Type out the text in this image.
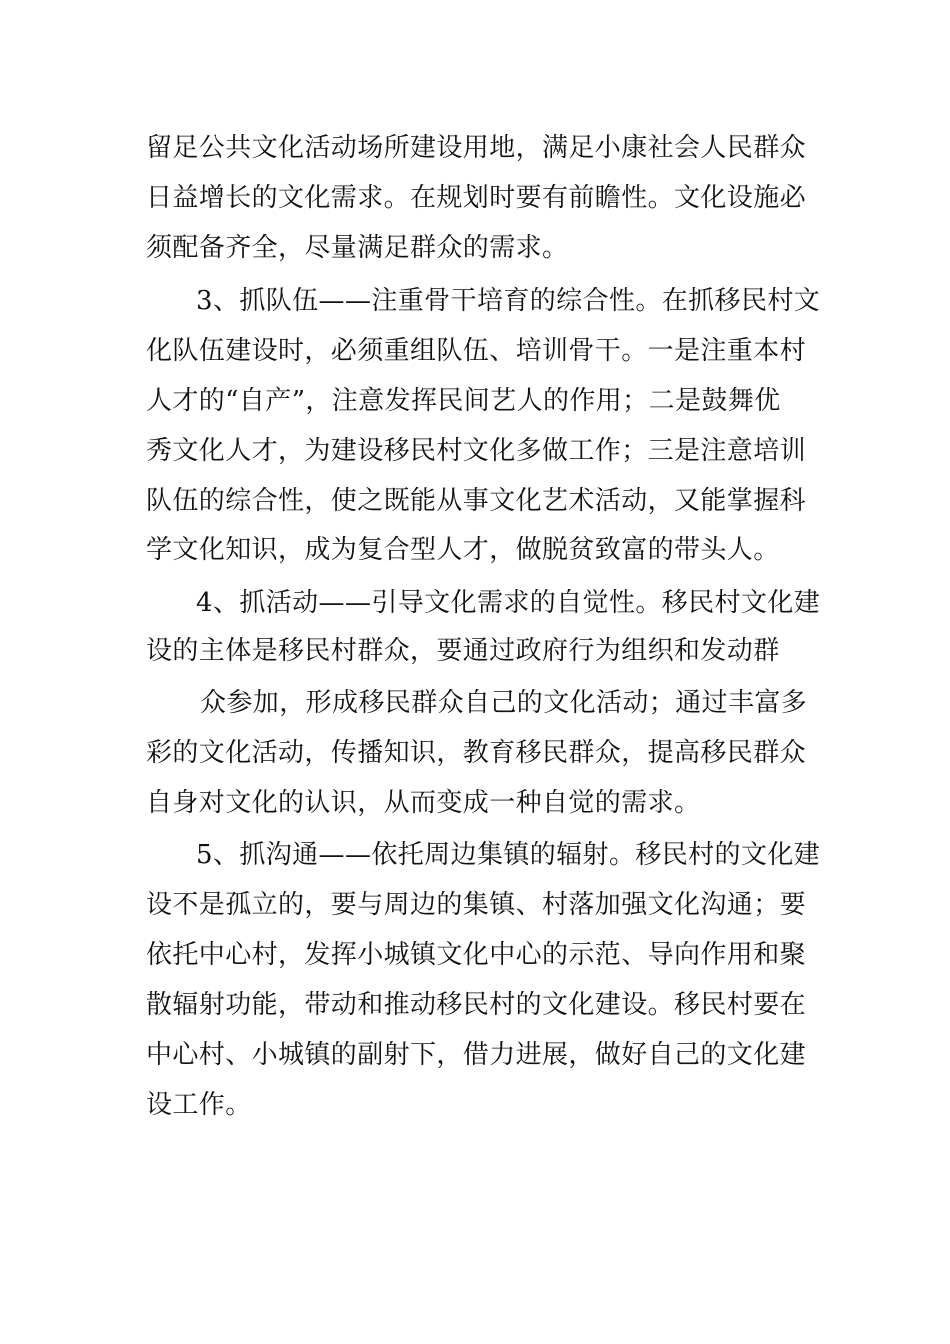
留足公共文化活动场所建设用地，满足小康社会人民群众

日益增长的文化需求。在规划时要有前瞻性。文化设施必

须配备齐全，尽量满足群众的需求。

3、抓队伍——注重骨干培育的综合性。在抓移民村文

化队伍建设时，必须重组队伍、培训骨干。一是注重本村

人才的“自产”，注意发挥民间艺人的作用；二是鼓舞优

秀文化人才，为建设移民村文化多做工作；三是注意培训

队伍的综合性，使之既能从事文化艺术活动，又能掌握科

学文化知识，成为复合型人才，做脱贫致富的带头人。

4、抓活动——引导文化需求的自觉性。移民村文化建

设的主体是移民村群众，要通过政府行为组织和发动群

众参加，形成移民群众自己的文化活动；通过丰富多

彩的文化活动，传播知识，教育移民群众，提高移民群众

自身对文化的认识，从而变成一种自觉的需求。

5、抓沟通——依托周边集镇的辐射。移民村的文化建

设不是孤立的，要与周边的集镇、村落加强文化沟通；要

依托中心村，发挥小城镇文化中心的示范、导向作用和聚

散辐射功能，带动和推动移民村的文化建设。移民村要在

中心村、小城镇的副射下，借力进展，做好自己的文化建

设工作。
